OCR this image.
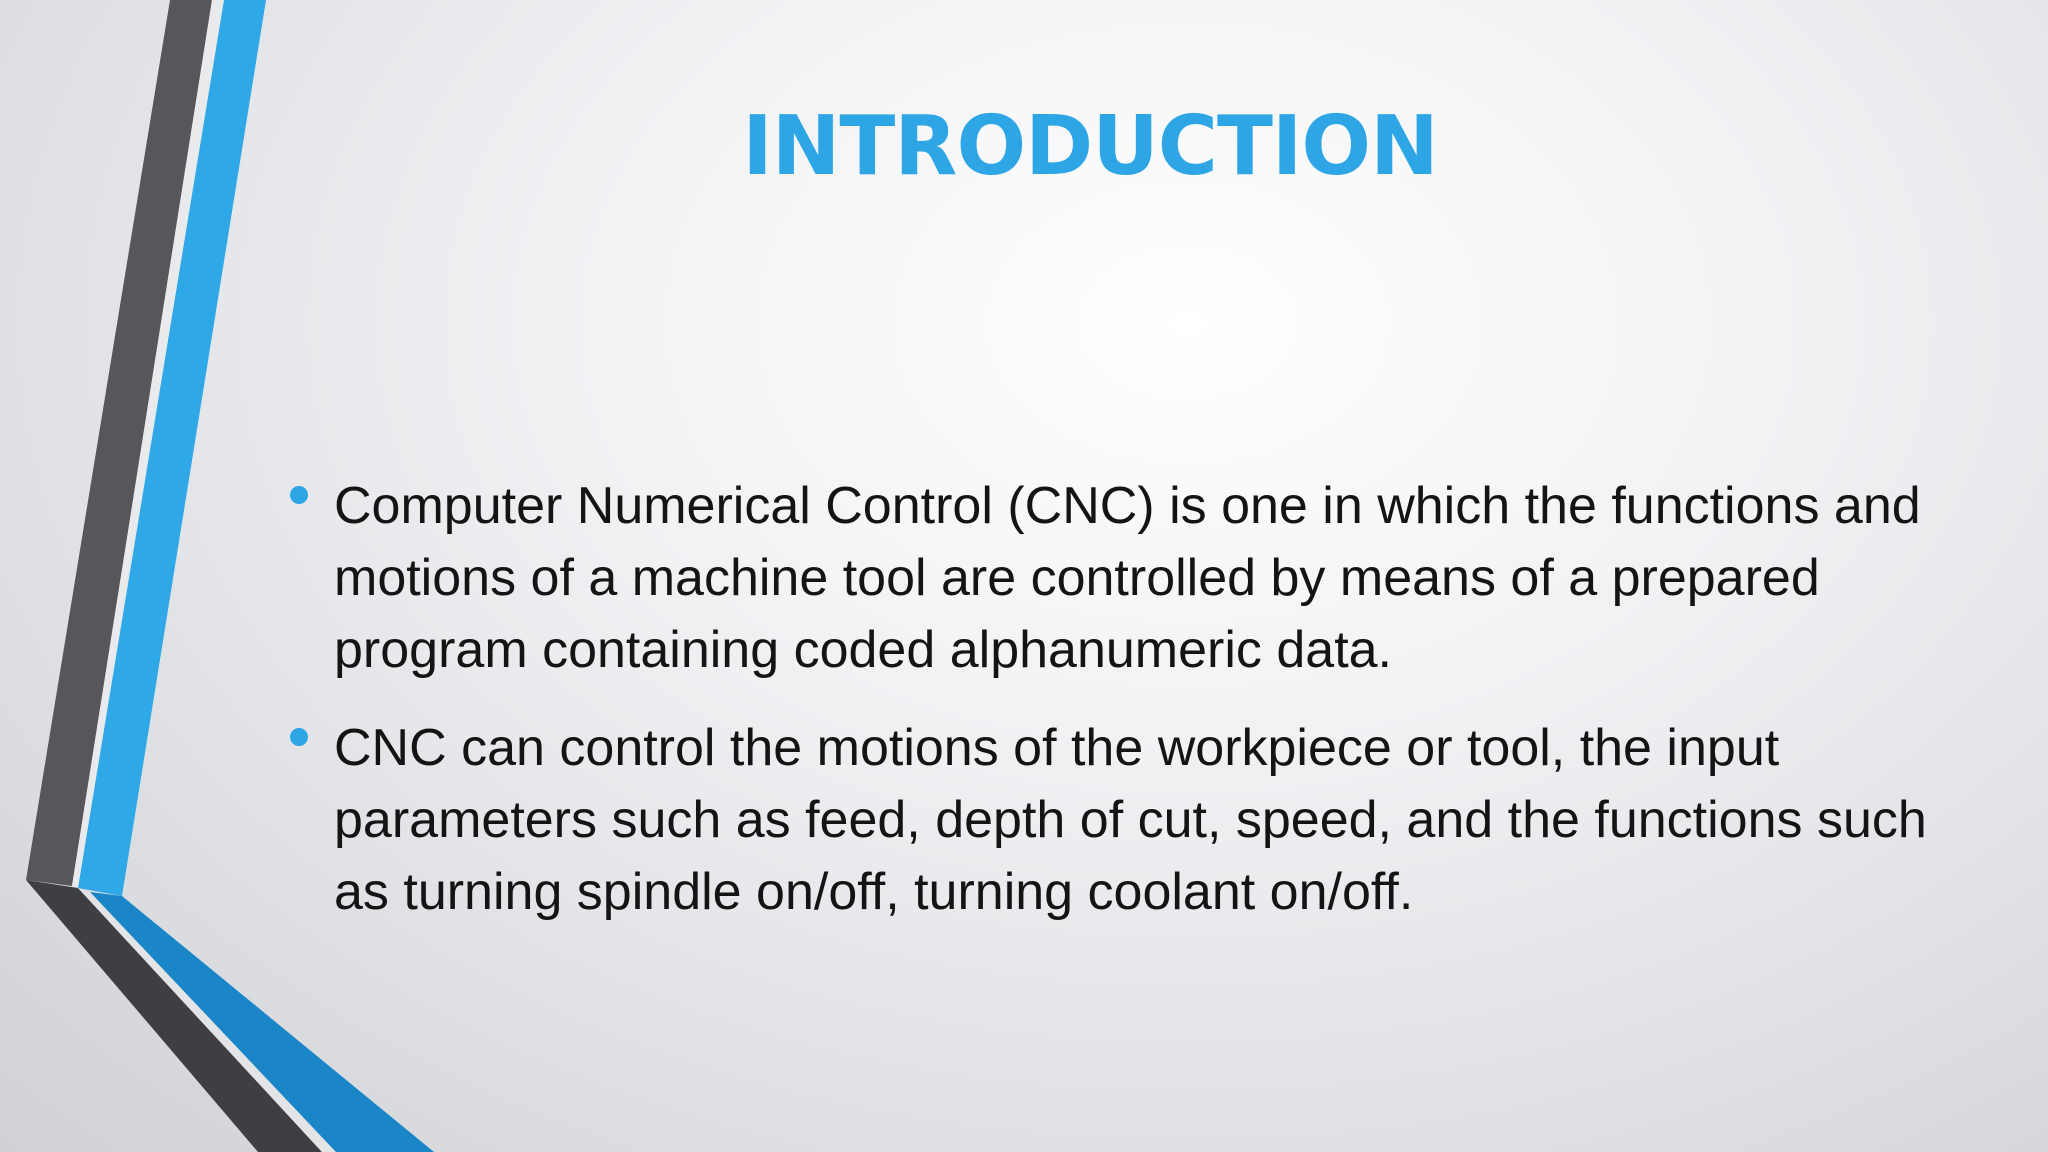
INTRODUCTION
Computer Numerical Control (CNC) is one in which the functions and motions of a machine tool are controlled by means of a prepared program containing coded alphanumeric data.
CNC can control the motions of the workpiece or tool, the input parameters such as feed, depth of cut, speed, and the functions such as turning spindle on/off, turning coolant on/off.
